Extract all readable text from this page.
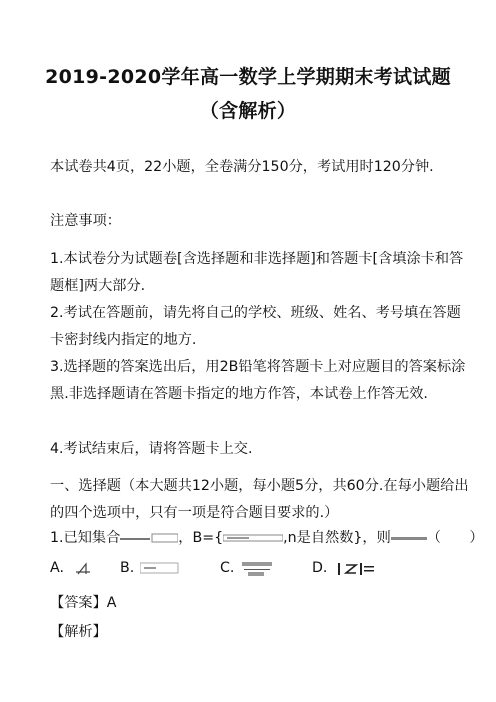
2019-2020学年高一数学上学期期末考试试题
（含解析）
本试卷共4页，22小题，全卷满分150分，考试用时120分钟.
注意事项：
1.本试卷分为试题卷[含选择题和非选择题]和答题卡[含填涂卡和答题框]两大部分.
2.考试在答题前，请先将自己的学校、班级、姓名、考号填在答题卡密封线内指定的地方.
3.选择题的答案选出后，用2B铅笔将答题卡上对应题目的答案标涂黑.非选择题请在答题卡指定的地方作答，本试卷上作答无效.
4.考试结束后，请将答题卡上交.
一、选择题（本大题共12小题，每小题5分，共60分.在每小题给出的四个选项中，只有一项是符合题目要求的.）
1.已知集合	，B={	,n是自然数}，则	（　　）
A.	B.	C.	D.
【答案】A
【解析】
